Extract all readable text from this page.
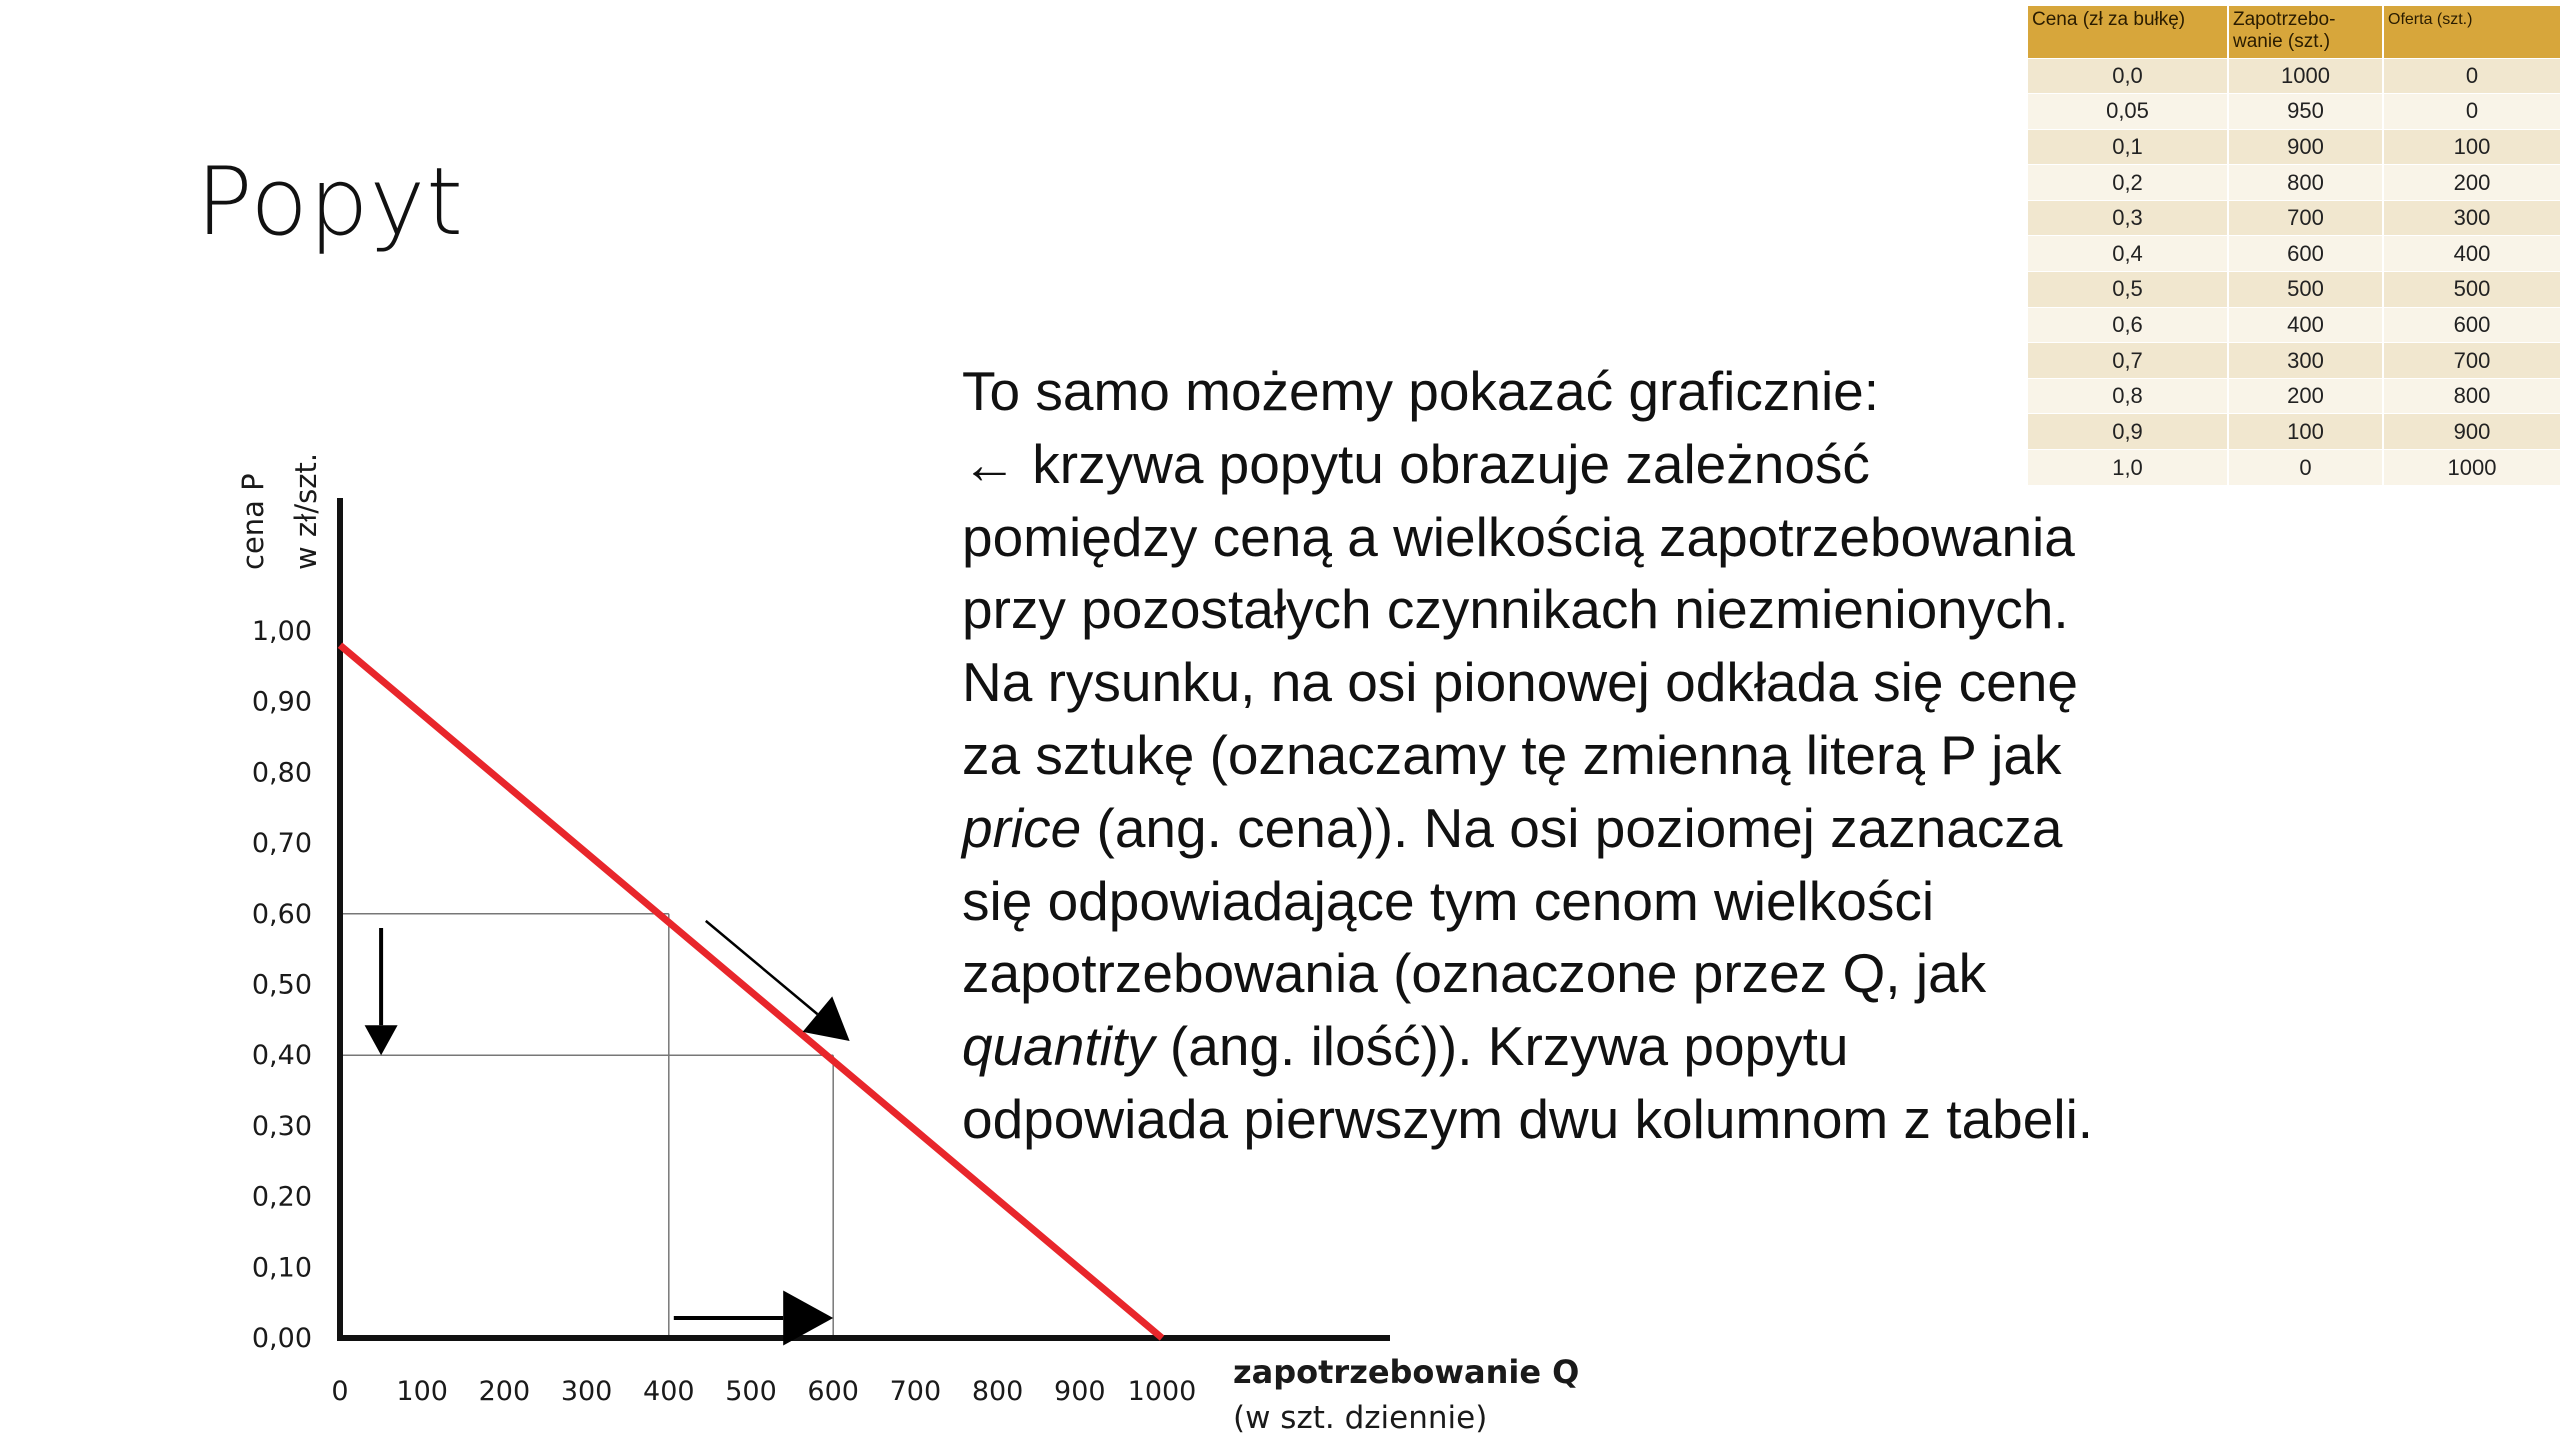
Popyt

To samo możemy pokazać graficznie:

← krzywa popytu obrazuje zależność

pomiędzy ceną a wielkością zapotrzebowania

przy pozostałych czynnikach niezmienionych.

Na rysunku, na osi pionowej odkłada się cenę

za sztukę (oznaczamy tę zmienną literą P jak

price (ang. cena)). Na osi poziomej zaznacza

się odpowiadające tym cenom wielkości

zapotrzebowania (oznaczone przez Q, jak

quantity (ang. ilość)). Krzywa popytu

odpowiada pierwszym dwu kolumnom z tabeli.

Cena (zł za bułkę)	Zapotrzebo-
wanie (szt.)	Oferta (szt.)
0,0	1000	0
0,05	950	0
0,1	900	100
0,2	800	200
0,3	700	300
0,4	600	400
0,5	500	500
0,6	400	600
0,7	300	700
0,8	200	800
0,9	100	900
1,0	0	1000
0,00
0,10
0,20
0,30
0,40
0,50
0,60
0,70
0,80
0,90
1,00
0 100 200 300 400 500 600 700 800 900 1000
cena P w zł/szt.
zapotrzebowanie Q
(w szt. dziennie)
